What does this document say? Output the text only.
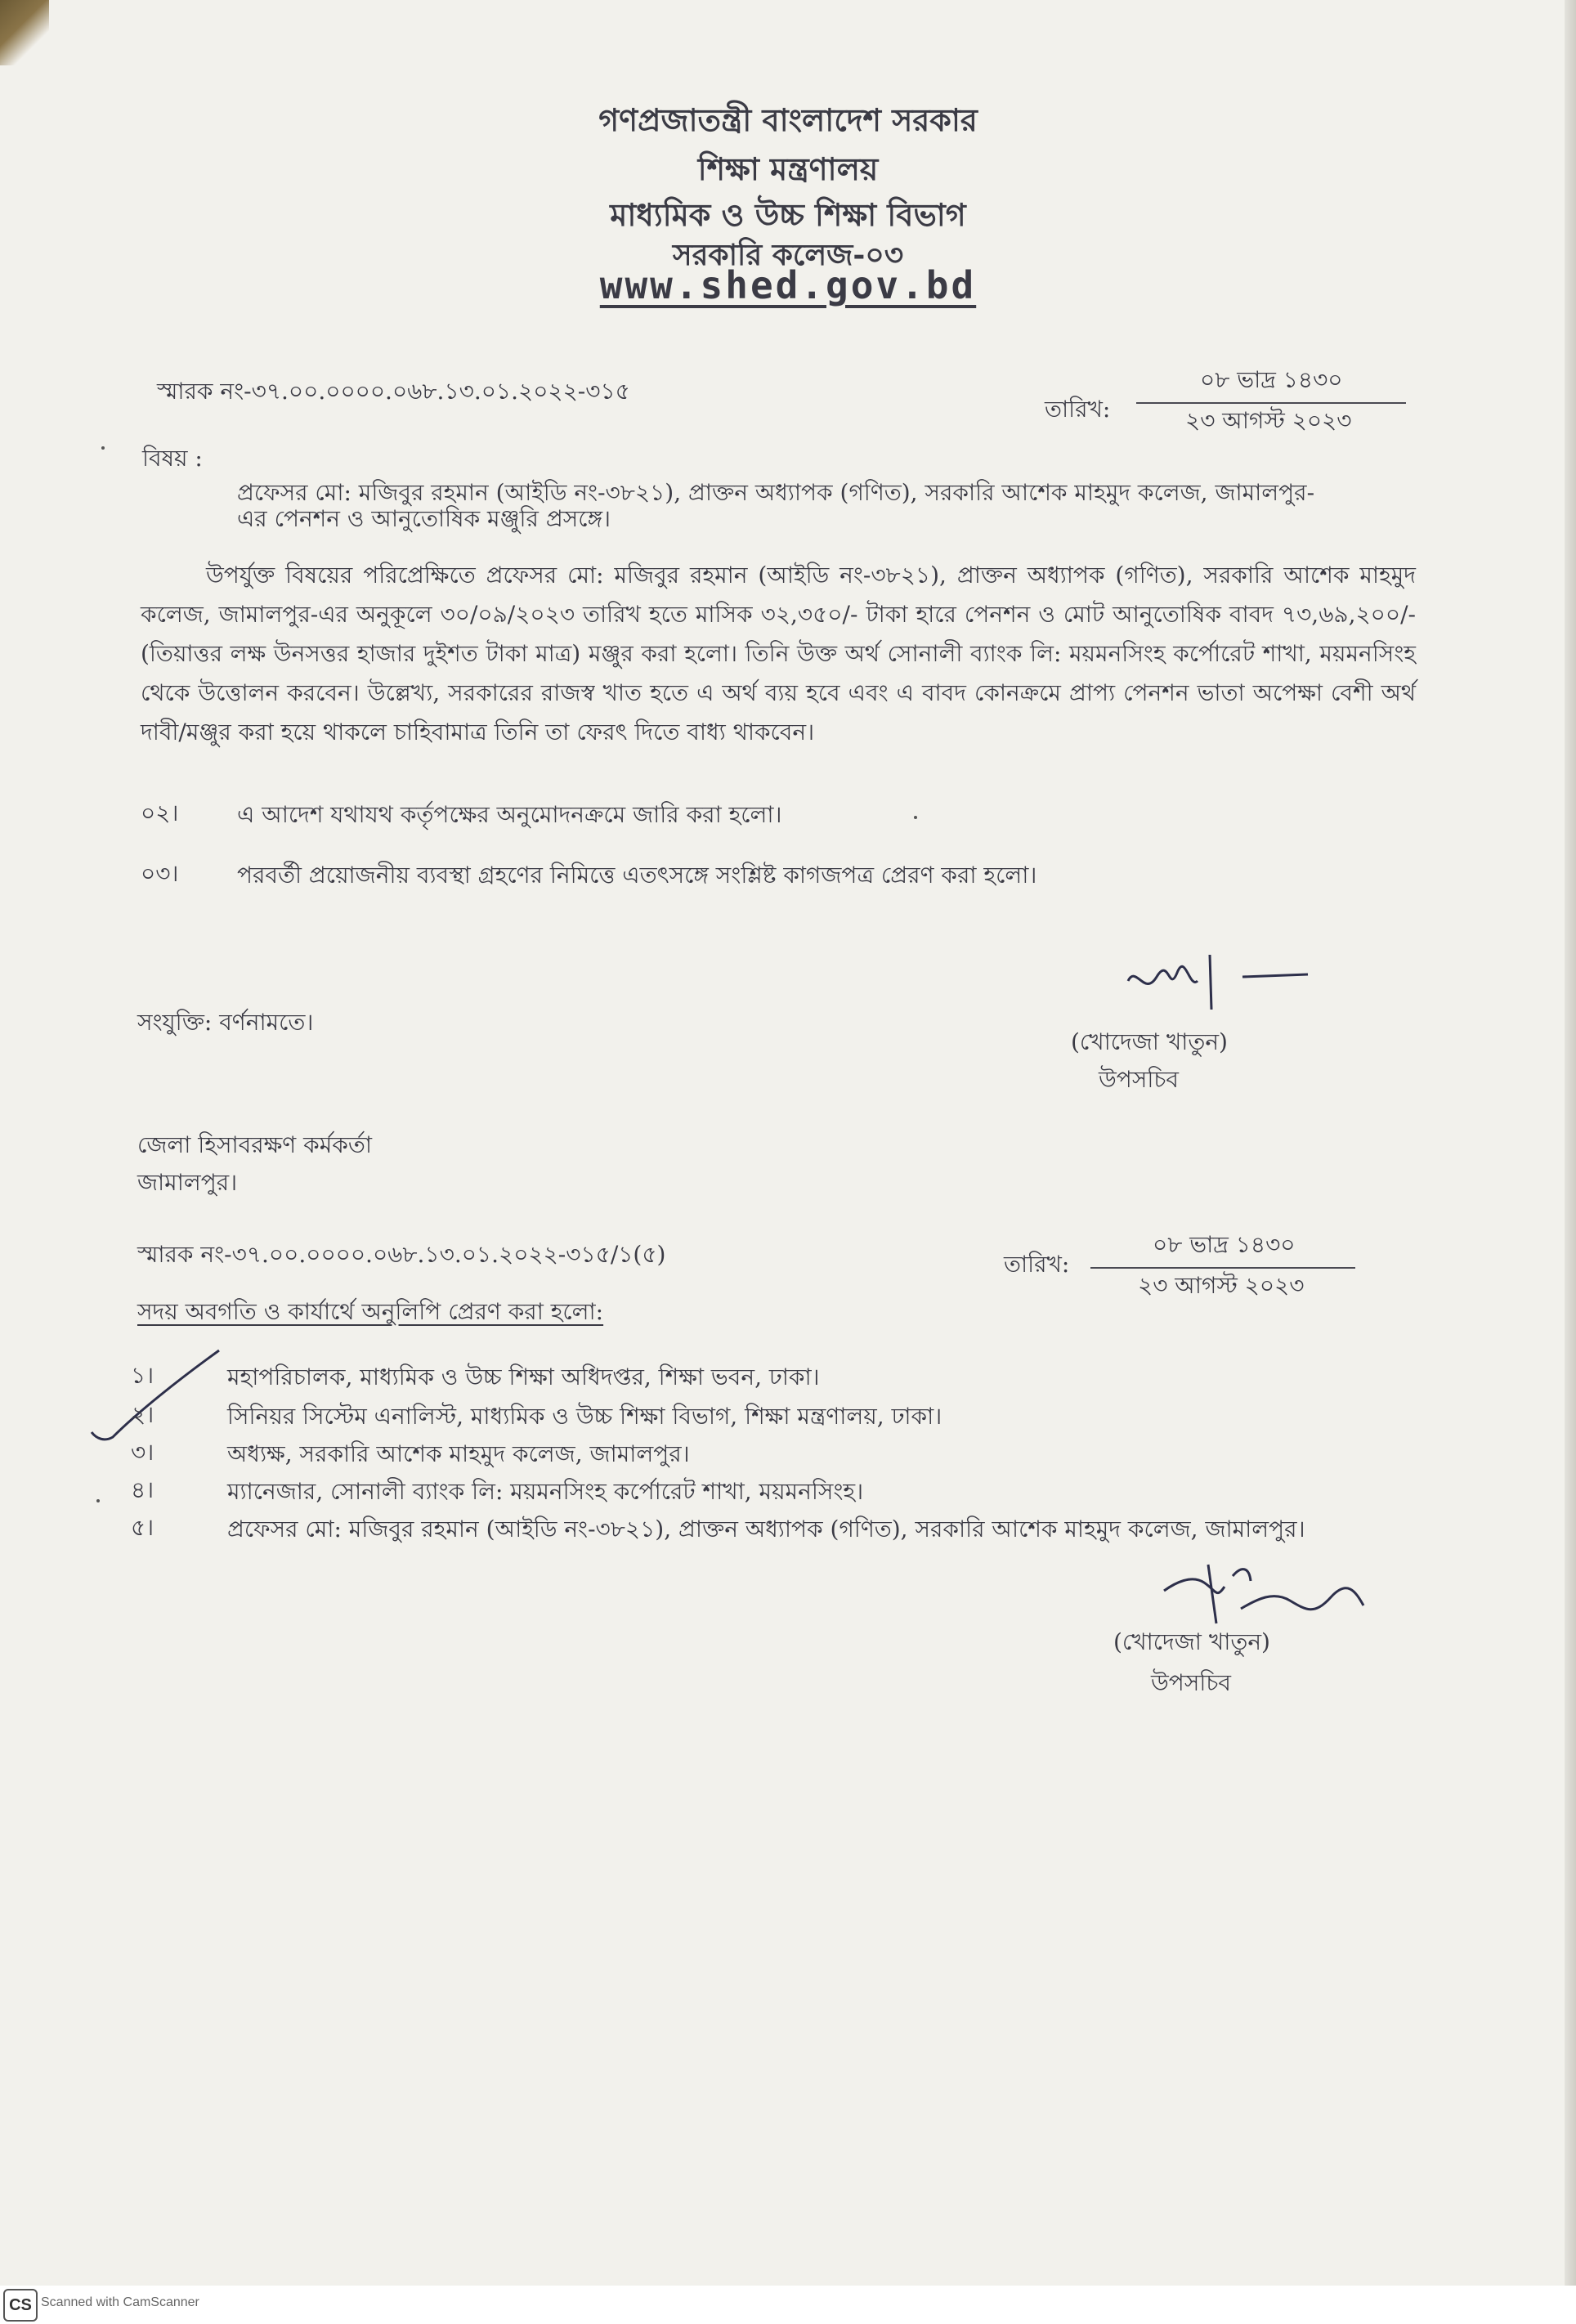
গণপ্রজাতন্ত্রী বাংলাদেশ সরকার
শিক্ষা মন্ত্রণালয়
মাধ্যমিক ও উচ্চ শিক্ষা বিভাগ
সরকারি কলেজ-০৩
www.shed.gov.bd
স্মারক নং-৩৭.০০.০০০০.০৬৮.১৩.০১.২০২২-৩১৫
তারিখ:
০৮ ভাদ্র ১৪৩০
২৩ আগস্ট ২০২৩
বিষয় :
প্রফেসর মো: মজিবুর রহমান (আইডি নং-৩৮২১), প্রাক্তন অধ্যাপক (গণিত), সরকারি আশেক মাহমুদ কলেজ, জামালপুর-
এর পেনশন ও আনুতোষিক মঞ্জুরি প্রসঙ্গে।
উপর্যুক্ত বিষয়ের পরিপ্রেক্ষিতে প্রফেসর মো: মজিবুর রহমান (আইডি নং-৩৮২১), প্রাক্তন অধ্যাপক (গণিত), সরকারি আশেক মাহমুদ কলেজ, জামালপুর-এর অনুকূলে ৩০/০৯/২০২৩ তারিখ হতে মাসিক ৩২,৩৫০/- টাকা হারে পেনশন ও মোট আনুতোষিক বাবদ ৭৩,৬৯,২০০/- (তিয়াত্তর লক্ষ উনসত্তর হাজার দুইশত টাকা মাত্র) মঞ্জুর করা হলো। তিনি উক্ত অর্থ সোনালী ব্যাংক লি: ময়মনসিংহ কর্পোরেট শাখা, ময়মনসিংহ থেকে উত্তোলন করবেন। উল্লেখ্য, সরকারের রাজস্ব খাত হতে এ অর্থ ব্যয় হবে এবং এ বাবদ কোনক্রমে প্রাপ্য পেনশন ভাতা অপেক্ষা বেশী অর্থ দাবী/মঞ্জুর করা হয়ে থাকলে চাহিবামাত্র তিনি তা ফেরৎ দিতে বাধ্য থাকবেন।
০২।	এ আদেশ যথাযথ কর্তৃপক্ষের অনুমোদনক্রমে জারি করা হলো।
০৩।	পরবর্তী প্রয়োজনীয় ব্যবস্থা গ্রহণের নিমিত্তে এতৎসঙ্গে সংশ্লিষ্ট কাগজপত্র প্রেরণ করা হলো।
সংযুক্তি: বর্ণনামতে।
(খোদেজা খাতুন)
উপসচিব
জেলা হিসাবরক্ষণ কর্মকর্তা
জামালপুর।
স্মারক নং-৩৭.০০.০০০০.০৬৮.১৩.০১.২০২২-৩১৫/১(৫)	তারিখ:
০৮ ভাদ্র ১৪৩০
২৩ আগস্ট ২০২৩
সদয় অবগতি ও কার্যার্থে অনুলিপি প্রেরণ করা হলো:
১।	মহাপরিচালক, মাধ্যমিক ও উচ্চ শিক্ষা অধিদপ্তর, শিক্ষা ভবন, ঢাকা।
২।	সিনিয়র সিস্টেম এনালিস্ট, মাধ্যমিক ও উচ্চ শিক্ষা বিভাগ, শিক্ষা মন্ত্রণালয়, ঢাকা।
৩।	অধ্যক্ষ, সরকারি আশেক মাহমুদ কলেজ, জামালপুর।
৪।	ম্যানেজার, সোনালী ব্যাংক লি: ময়মনসিংহ কর্পোরেট শাখা, ময়মনসিংহ।
৫।	প্রফেসর মো: মজিবুর রহমান (আইডি নং-৩৮২১), প্রাক্তন অধ্যাপক (গণিত), সরকারি আশেক মাহমুদ কলেজ, জামালপুর।
(খোদেজা খাতুন)
উপসচিব
CS Scanned with CamScanner
